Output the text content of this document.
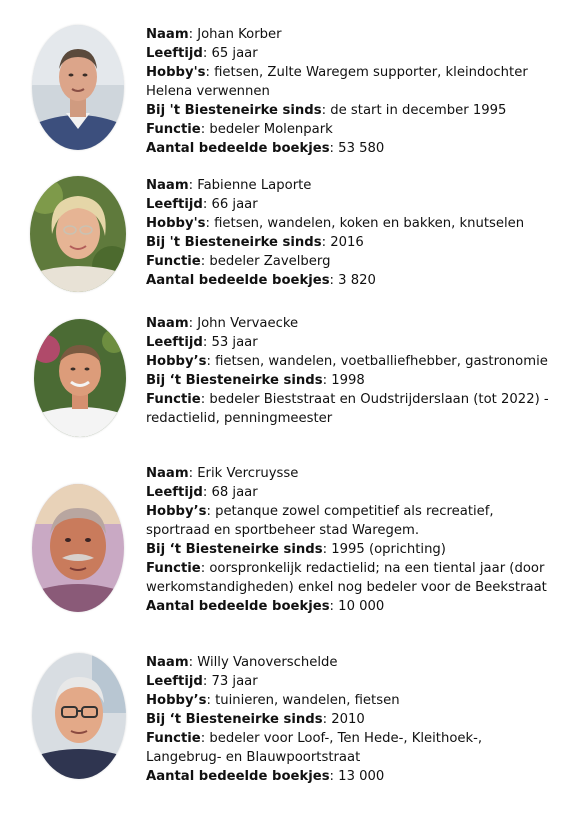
Naam: Johan Korber
Leeftijd: 65 jaar
Hobby's: fietsen, Zulte Waregem supporter, kleindochter Helena verwennen
Bij 't Biesteneirke sinds: de start in december 1995
Functie: bedeler Molenpark
Aantal bedeelde boekjes: 53 580
Naam: Fabienne Laporte
Leeftijd: 66 jaar
Hobby's: fietsen, wandelen, koken en bakken, knutselen
Bij 't Biesteneirke sinds: 2016
Functie: bedeler Zavelberg
Aantal bedeelde boekjes: 3 820
Naam: John Vervaecke
Leeftijd: 53 jaar
Hobby’s: fietsen, wandelen, voetballiefhebber, gastronomie
Bij ‘t Biesteneirke sinds: 1998
Functie: bedeler Bieststraat en Oudstrijderslaan (tot 2022) - redactielid, penningmeester
Naam: Erik Vercruysse
Leeftijd: 68 jaar
Hobby’s: petanque zowel competitief als recreatief, sportraad en sportbeheer stad Waregem.
Bij ‘t Biesteneirke sinds: 1995 (oprichting)
Functie: oorspronkelijk redactielid; na een tiental jaar (door werkomstandigheden) enkel nog bedeler voor de Beekstraat
Aantal bedeelde boekjes: 10 000
Naam: Willy Vanoverschelde
Leeftijd: 73 jaar
Hobby’s: tuinieren, wandelen, fietsen
Bij ‘t Biesteneirke sinds: 2010
Functie: bedeler voor Loof-, Ten Hede-, Kleithoek-, Langebrug- en Blauwpoortstraat
Aantal bedeelde boekjes: 13 000
